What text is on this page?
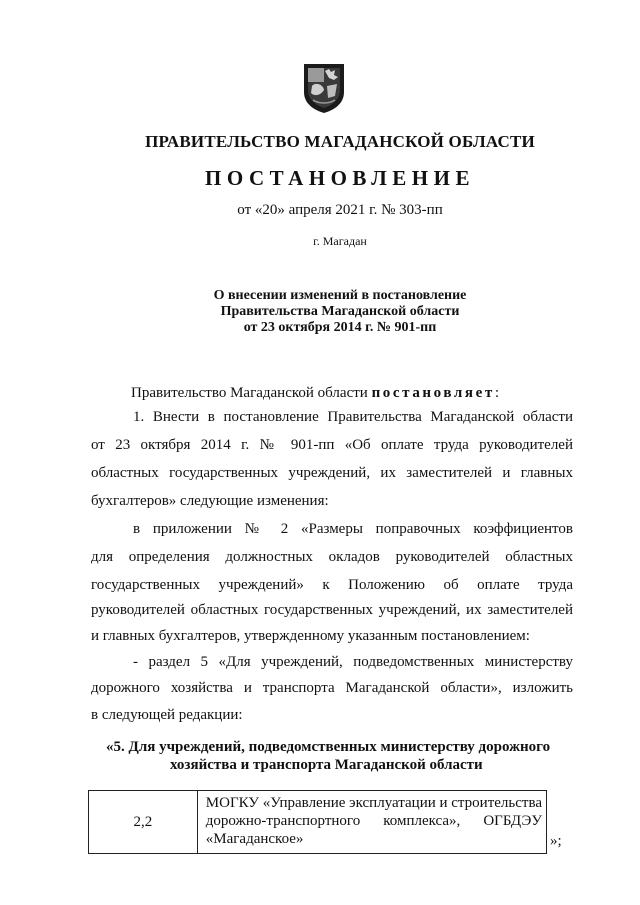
ПРАВИТЕЛЬСТВО МАГАДАНСКОЙ ОБЛАСТИ
ПОСТАНОВЛЕНИЕ
от «20» апреля 2021 г. № 303-пп
г. Магадан
О внесении изменений в постановление
Правительства Магаданской области
от 23 октября 2014 г. № 901-пп
Правительство Магаданской области постановляет:
1. Внести в постановление Правительства Магаданской области
от 23 октября 2014 г. № 901-пп «Об оплате труда руководителей
областных государственных учреждений, их заместителей и главных
бухгалтеров» следующие изменения:
в приложении № 2 «Размеры поправочных коэффициентов
для определения должностных окладов руководителей областных
государственных учреждений» к Положению об оплате труда
руководителей областных государственных учреждений, их заместителей
и главных бухгалтеров, утвержденному указанным постановлением:
- раздел 5 «Для учреждений, подведомственных министерству
дорожного хозяйства и транспорта Магаданской области», изложить
в следующей редакции:
«5. Для учреждений, подведомственных министерству дорожного
хозяйства и транспорта Магаданской области
2,2	
МОГКУ «Управление эксплуатации и строительства
дорожно-транспортного комплекса», ОГБДЭУ
«Магаданское»	»;
